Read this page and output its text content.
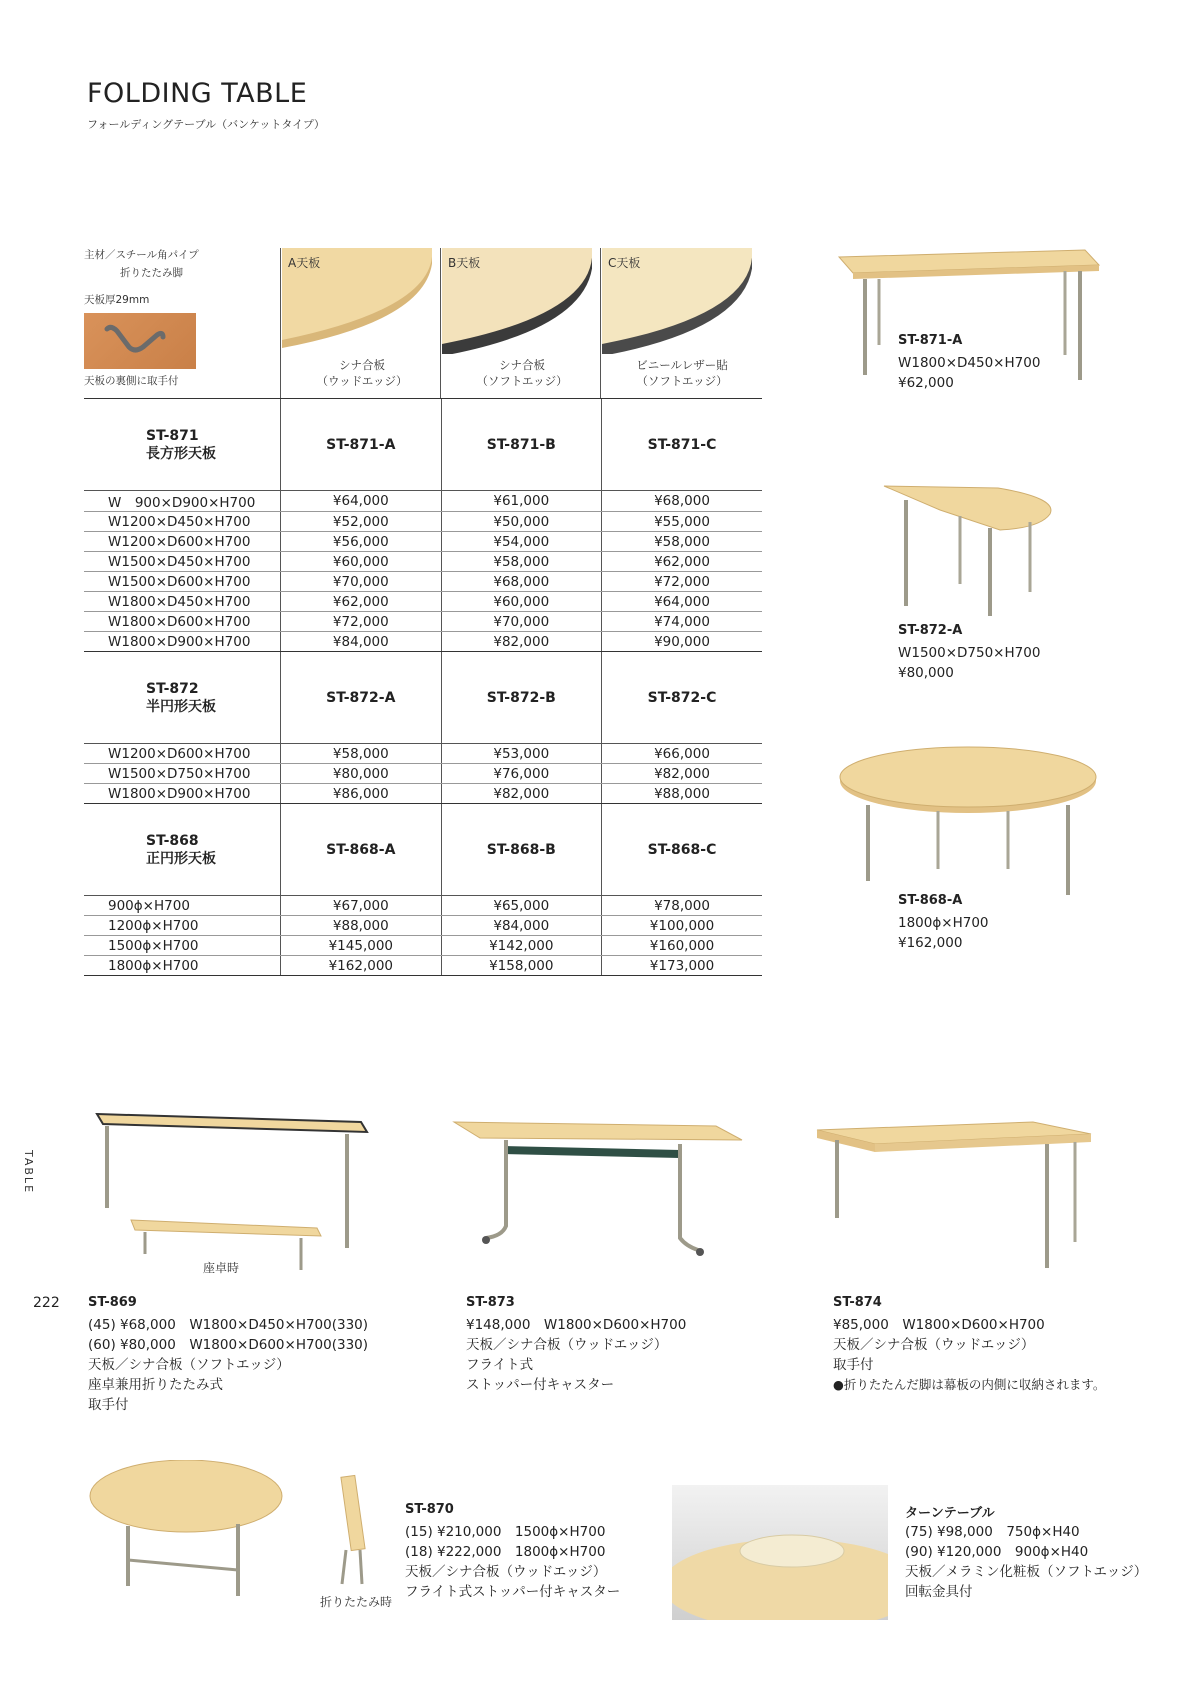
FOLDING TABLE
フォールディングテーブル（バンケットタイプ）
主材／スチール角パイプ
折りたたみ脚
天板厚29mm
天板の裏側に取手付
A天板
シナ合板
（ウッドエッジ）
B天板
シナ合板
（ソフトエッジ）
C天板
ビニールレザー貼
（ソフトエッジ）
ST-871
長方形天板	ST-871-A	ST-871-B	ST-871-C
W　900×D900×H700	¥64,000	¥61,000	¥68,000
W1200×D450×H700	¥52,000	¥50,000	¥55,000
W1200×D600×H700	¥56,000	¥54,000	¥58,000
W1500×D450×H700	¥60,000	¥58,000	¥62,000
W1500×D600×H700	¥70,000	¥68,000	¥72,000
W1800×D450×H700	¥62,000	¥60,000	¥64,000
W1800×D600×H700	¥72,000	¥70,000	¥74,000
W1800×D900×H700	¥84,000	¥82,000	¥90,000

ST-872
半円形天板	ST-872-A	ST-872-B	ST-872-C
W1200×D600×H700	¥58,000	¥53,000	¥66,000
W1500×D750×H700	¥80,000	¥76,000	¥82,000
W1800×D900×H700	¥86,000	¥82,000	¥88,000

ST-868
正円形天板	ST-868-A	ST-868-B	ST-868-C
900ϕ×H700	¥67,000	¥65,000	¥78,000
1200ϕ×H700	¥88,000	¥84,000	¥100,000
1500ϕ×H700	¥145,000	¥142,000	¥160,000
1800ϕ×H700	¥162,000	¥158,000	¥173,000
ST-871-A
W1800×D450×H700
¥62,000
ST-872-A
W1500×D750×H700
¥80,000
ST-868-A
1800ϕ×H700
¥162,000
TABLE
222
座卓時
ST-869
(45) ¥68,000　W1800×D450×H700(330)
(60) ¥80,000　W1800×D600×H700(330)
天板／シナ合板（ソフトエッジ）
座卓兼用折りたたみ式
取手付
ST-873
¥148,000　W1800×D600×H700
天板／シナ合板（ウッドエッジ）
フライト式
ストッパー付キャスター
ST-874
¥85,000　W1800×D600×H700
天板／シナ合板（ウッドエッジ）
取手付
●折りたたんだ脚は幕板の内側に収納されます。
折りたたみ時
ST-870
(15) ¥210,000　1500ϕ×H700
(18) ¥222,000　1800ϕ×H700
天板／シナ合板（ウッドエッジ）
フライト式ストッパー付キャスター
ターンテーブル
(75) ¥98,000　750ϕ×H40
(90) ¥120,000　900ϕ×H40
天板／メラミン化粧板（ソフトエッジ）
回転金具付
